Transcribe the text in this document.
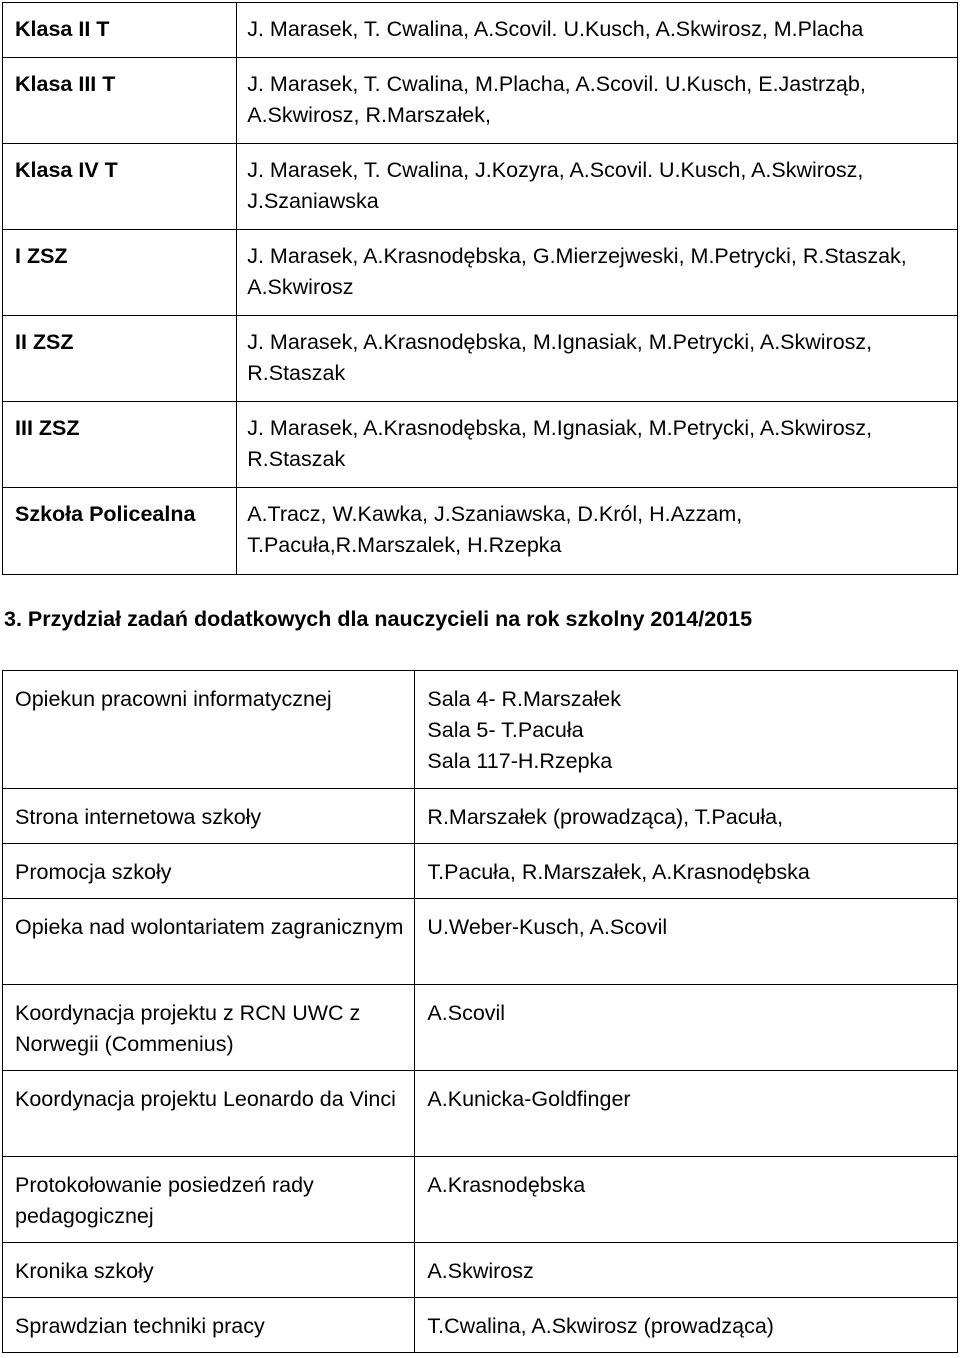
Klasa II T	J. Marasek, T. Cwalina, A.Scovil. U.Kusch, A.Skwirosz, M.Placha
Klasa III T	J. Marasek, T. Cwalina, M.Placha, A.Scovil. U.Kusch, E.Jastrząb, A.Skwirosz, R.Marszałek,
Klasa IV T	J. Marasek, T. Cwalina, J.Kozyra, A.Scovil. U.Kusch, A.Skwirosz, J.Szaniawska
I ZSZ	J. Marasek, A.Krasnodębska, G.Mierzejweski, M.Petrycki, R.Staszak, A.Skwirosz
II ZSZ	J. Marasek, A.Krasnodębska, M.Ignasiak, M.Petrycki, A.Skwirosz, R.Staszak
III ZSZ	J. Marasek, A.Krasnodębska, M.Ignasiak, M.Petrycki, A.Skwirosz, R.Staszak
Szkoła Policealna	A.Tracz, W.Kawka, J.Szaniawska, D.Król, H.Azzam, T.Pacuła,R.Marszalek, H.Rzepka
3. Przydział zadań dodatkowych dla nauczycieli na rok szkolny 2014/2015
Opiekun pracowni informatycznej	Sala 4- R.Marszałek
Sala 5- T.Pacuła
Sala 117-H.Rzepka

Strona internetowa szkoły	R.Marszałek (prowadząca), T.Pacuła,
Promocja szkoły	T.Pacuła, R.Marszałek, A.Krasnodębska
Opieka nad wolontariatem zagranicznym	U.Weber-Kusch, A.Scovil
Koordynacja projektu z RCN UWC z Norwegii (Commenius)	A.Scovil
Koordynacja projektu Leonardo da Vinci	A.Kunicka-Goldfinger
Protokołowanie posiedzeń rady pedagogicznej	A.Krasnodębska
Kronika szkoły	A.Skwirosz
Sprawdzian techniki pracy	T.Cwalina, A.Skwirosz (prowadząca)
